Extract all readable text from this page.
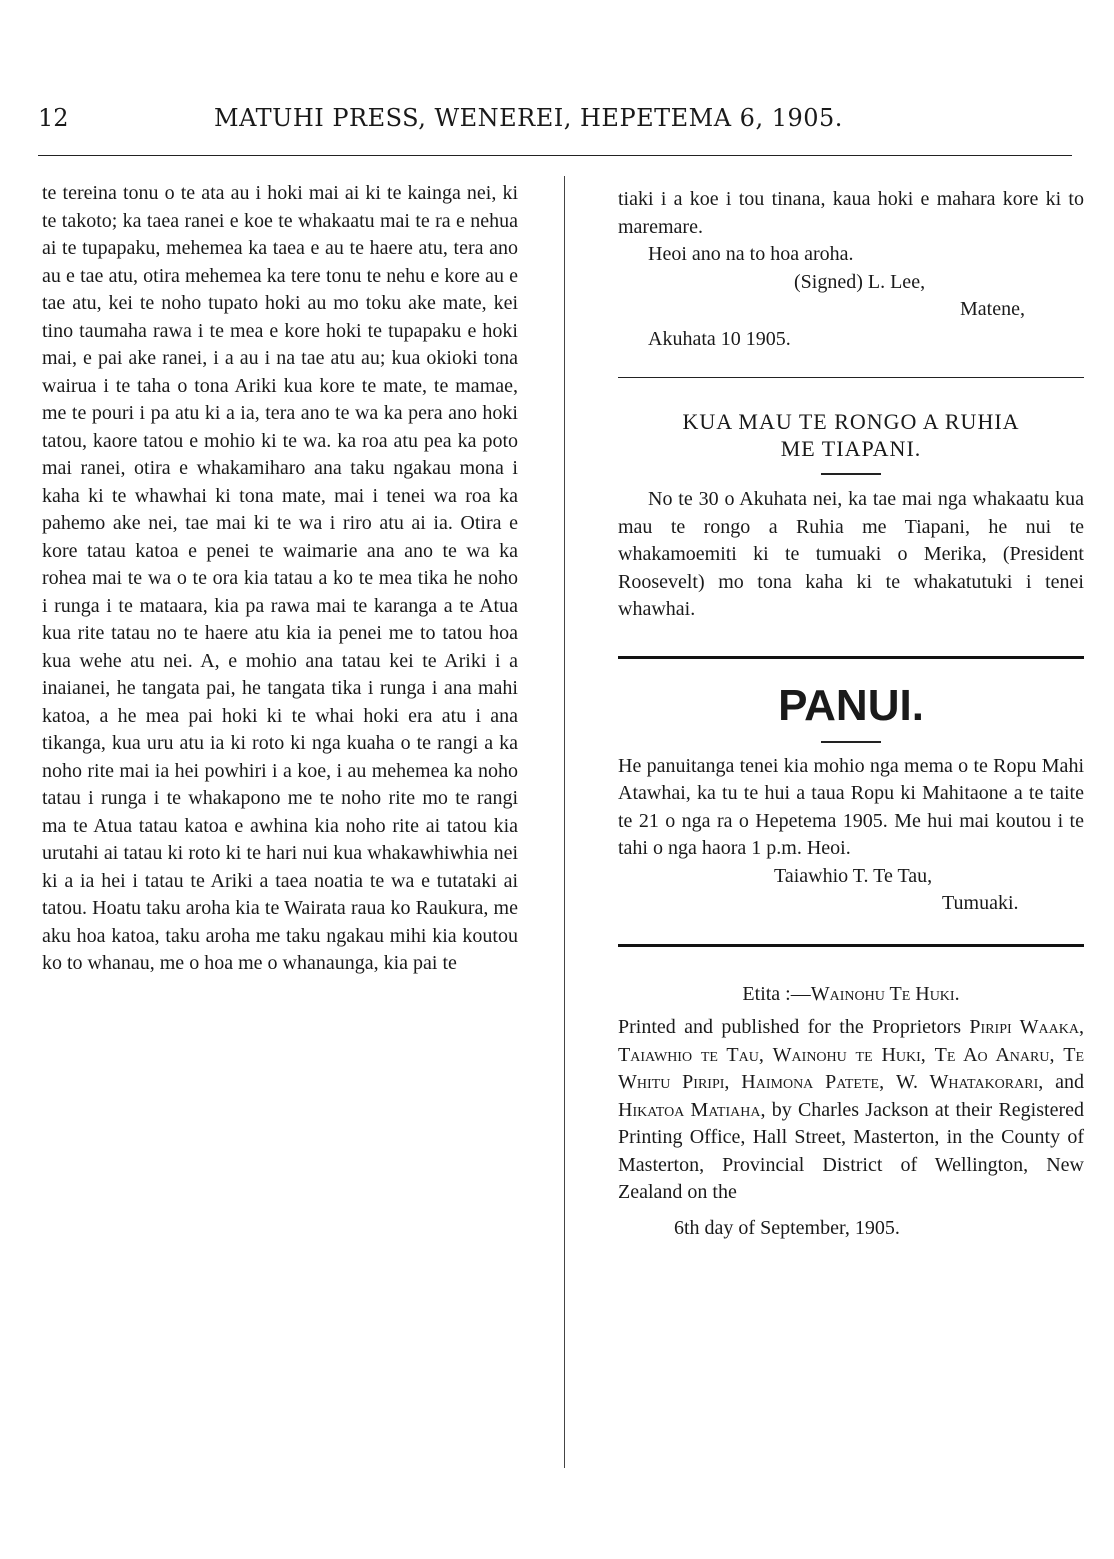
12	MATUHI PRESS, WENEREI, HEPETEMA 6, 1905.

te tereina tonu o te ata au i hoki mai ai ki te kainga nei, ki te takoto; ka taea ranei e koe te whakaatu mai te ra e nehua ai te tupapaku, mehemea ka taea e au te haere atu, tera ano au e tae atu, otira mehemea ka tere tonu te nehu e kore au e tae atu, kei te noho tupato hoki au mo toku ake mate, kei tino taumaha rawa i te mea e kore hoki te tupapaku e hoki mai, e pai ake ranei, i a au i na tae atu au; kua okioki tona wairua i te taha o tona Ariki kua kore te mate, te mamae, me te pouri i pa atu ki a ia, tera ano te wa ka pera ano hoki tatou, kaore tatou e mohio ki te wa. ka roa atu pea ka poto mai ranei, otira e whakamiharo ana taku ngakau mona i kaha ki te whawhai ki tona mate, mai i tenei wa roa ka pahemo ake nei, tae mai ki te wa i riro atu ai ia. Otira e kore tatau katoa e penei te waimarie ana ano te wa ka rohea mai te wa o te ora kia tatau a ko te mea tika he noho i runga i te mataara, kia pa rawa mai te karanga a te Atua kua rite tatau no te haere atu kia ia penei me to tatou hoa kua wehe atu nei. A, e mohio ana tatau kei te Ariki i a inaianei, he tangata pai, he tangata tika i runga i ana mahi katoa, a he mea pai hoki ki te whai hoki era atu i ana tikanga, kua uru atu ia ki roto ki nga kuaha o te rangi a ka noho rite mai ia hei powhiri i a koe, i au mehemea ka noho tatau i runga i te whakapono me te noho rite mo te rangi ma te Atua tatau katoa e awhina kia noho rite ai tatou kia urutahi ai tatau ki roto ki te hari nui kua whakawhiwhia nei ki a ia hei i tatau te Ariki a taea noatia te wa e tutataki ai tatou. Hoatu taku aroha kia te Wairata raua ko Raukura, me aku hoa katoa, taku aroha me taku ngakau mihi kia koutou ko to whanau, me o hoa me o whanaunga, kia pai te

tiaki i a koe i tou tinana, kaua hoki e mahara kore ki to maremare.

Heoi ano na to hoa aroha.

(Signed) L. Lee,

Matene,

Akuhata 10 1905.

KUA MAU TE RONGO A RUHIA

ME TIAPANI.

No te 30 o Akuhata nei, ka tae mai nga whakaatu kua mau te rongo a Ruhia me Tiapani, he nui te whakamoemiti ki te tumuaki o Merika, (President Roosevelt) mo tona kaha ki te whakatutuki i tenei whawhai.

PANUI.

He panuitanga tenei kia mohio nga mema o te Ropu Mahi Atawhai, ka tu te hui a taua Ropu ki Mahitaone a te taite te 21 o nga ra o Hepetema 1905. Me hui mai koutou i te tahi o nga haora 1 p.m. Heoi.

Taiawhio T. Te Tau,

Tumuaki.

Etita :—Wainohu Te Huki.

Printed and published for the Proprietors Piripi Waaka, Taiawhio te Tau, Wainohu te Huki, Te Ao Anaru, Te Whitu Piripi, Haimona Patete, W. Whatakorari, and Hikatoa Matiaha, by Charles Jackson at their Registered Printing Office, Hall Street, Masterton, in the County of Masterton, Provincial District of Wellington, New Zealand on the

6th day of September, 1905.
